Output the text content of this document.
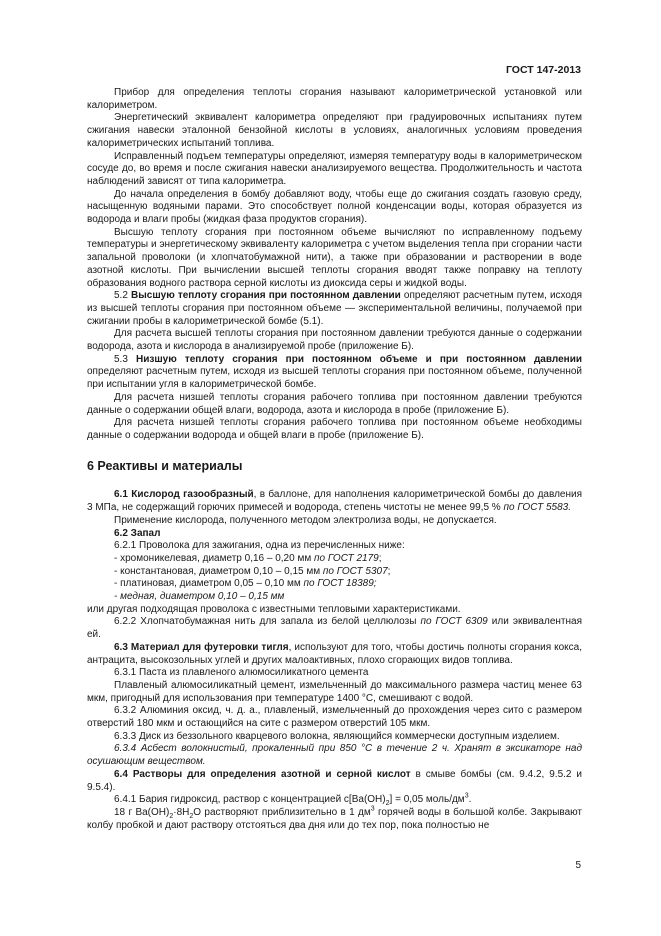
ГОСТ 147-2013

Прибор для определения теплоты сгорания называют калориметрической установкой или калориметром.

Энергетический эквивалент калориметра определяют при градуировочных испытаниях путем сжигания навески эталонной бензойной кислоты в условиях, аналогичных условиям проведения калориметрических испытаний топлива.

Исправленный подъем температуры определяют, измеряя температуру воды в калориметрическом сосуде до, во время и после сжигания навески анализируемого вещества. Продолжительность и частота наблюдений зависят от типа калориметра.

До начала определения в бомбу добавляют воду, чтобы еще до сжигания создать газовую среду, насыщенную водяными парами. Это способствует полной конденсации воды, которая образуется из водорода и влаги пробы (жидкая фаза продуктов сгорания).

Высшую теплоту сгорания при постоянном объеме вычисляют по исправленному подъему температуры и энергетическому эквиваленту калориметра с учетом выделения тепла при сгорании части запальной проволоки (и хлопчатобумажной нити), а также при образовании и растворении в воде азотной кислоты. При вычислении высшей теплоты сгорания вводят также поправку на теплоту образования водного раствора серной кислоты из диоксида серы и жидкой воды.

5.2 Высшую теплоту сгорания при постоянном давлении определяют расчетным путем, исходя из высшей теплоты сгорания при постоянном объеме — экспериментальной величины, получаемой при сжигании пробы в калориметрической бомбе (5.1).

Для расчета высшей теплоты сгорания при постоянном давлении требуются данные о содержании водорода, азота и кислорода в анализируемой пробе (приложение Б).

5.3 Низшую теплоту сгорания при постоянном объеме и при постоянном давлении определяют расчетным путем, исходя из высшей теплоты сгорания при постоянном объеме, полученной при испытании угля в калориметрической бомбе.

Для расчета низшей теплоты сгорания рабочего топлива при постоянном давлении требуются данные о содержании общей влаги, водорода, азота и кислорода в пробе (приложение Б).

Для расчета низшей теплоты сгорания рабочего топлива при постоянном объеме необходимы данные о содержании водорода и общей влаги в пробе (приложение Б).

6 Реактивы и материалы

6.1 Кислород газообразный, в баллоне, для наполнения калориметрической бомбы до давления 3 МПа, не содержащий горючих примесей и водорода, степень чистоты не менее 99,5 % по ГОСТ 5583.

Применение кислорода, полученного методом электролиза воды, не допускается.

6.2 Запал

6.2.1 Проволока для зажигания, одна из перечисленных ниже:

- хромоникелевая, диаметр 0,16 – 0,20 мм по ГОСТ 2179;

- константановая, диаметром 0,10 – 0,15 мм по ГОСТ 5307;

- платиновая, диаметром 0,05 – 0,10 мм по ГОСТ 18389;

- медная, диаметром 0,10 – 0,15 мм

или другая подходящая проволока с известными тепловыми характеристиками.

6.2.2 Хлопчатобумажная нить для запала из белой целлюлозы по ГОСТ 6309 или эквивалентная ей.

6.3 Материал для футеровки тигля, используют для того, чтобы достичь полноты сгорания кокса, антрацита, высокозольных углей и других малоактивных, плохо сгорающих видов топлива.

6.3.1 Паста из плавленого алюмосиликатного цемента

Плавленый алюмосиликатный цемент, измельченный до максимального размера частиц менее 63 мкм, пригодный для использования при температуре 1400 °С, смешивают с водой.

6.3.2 Алюминия оксид, ч. д. а., плавленый, измельченный до прохождения через сито с размером отверстий 180 мкм и остающийся на сите с размером отверстий 105 мкм.

6.3.3 Диск из беззольного кварцевого волокна, являющийся коммерчески доступным изделием.

6.3.4 Асбест волокнистый, прокаленный при 850 °С в течение 2 ч. Хранят в эксикаторе над осушающим веществом.

6.4 Растворы для определения азотной и серной кислот в смыве бомбы (см. 9.4.2, 9.5.2 и 9.5.4).

6.4.1 Бария гидроксид, раствор с концентрацией $c[Ba(OH)_2] = 0,05$ моль/$дм^3$.

18 г $Ba(OH)_2\cdot 8H_2O$ растворяют приблизительно в 1 $дм^3$ горячей воды в большой колбе. Закрывают колбу пробкой и дают раствору отстояться два дня или до тех пор, пока полностью не

5
